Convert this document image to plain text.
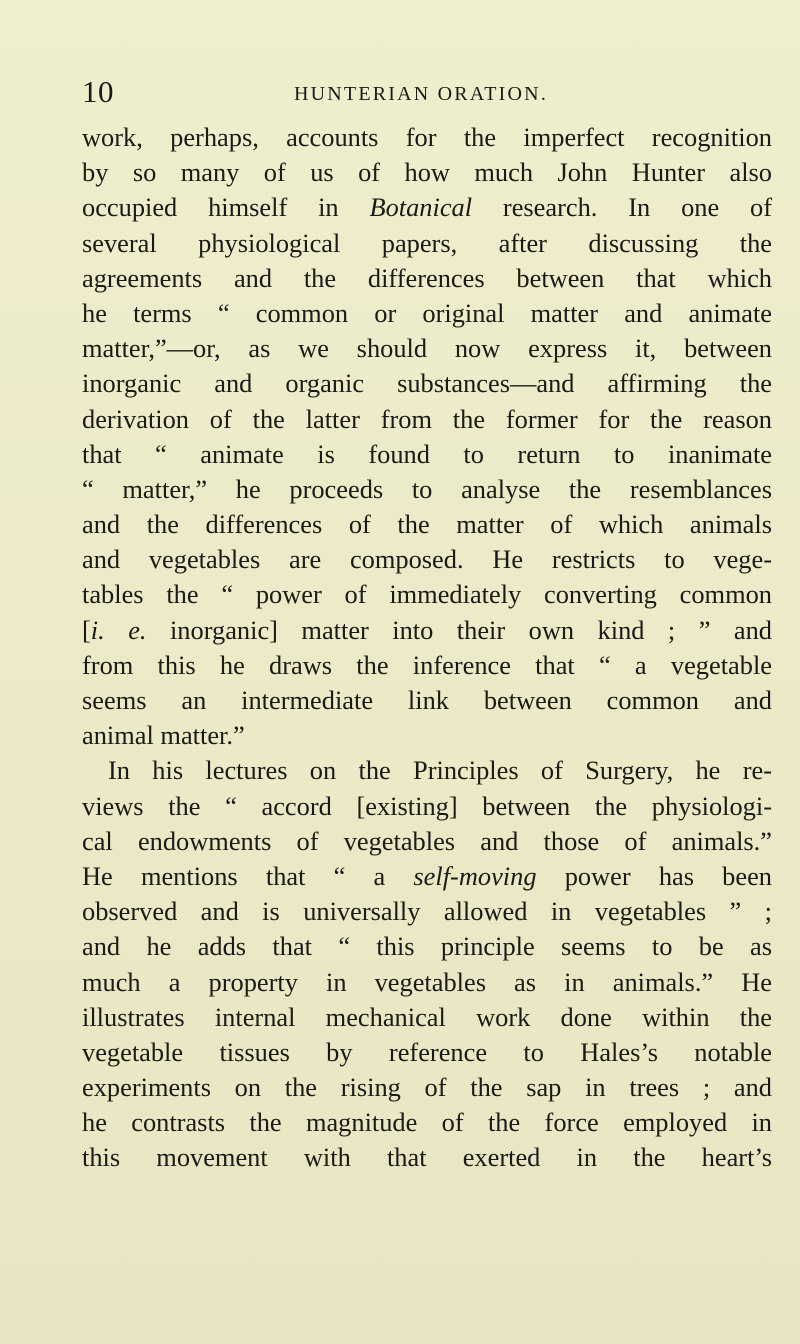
10	HUNTERIAN ORATION.
work, perhaps, accounts for the imperfect recognition
by so many of us of how much John Hunter also
occupied himself in Botanical research. In one of
several physiological papers, after discussing the
agreements and the differences between that which
he terms “ common or original matter and animate
matter,”—or, as we should now express it, between
inorganic and organic substances—and affirming the
derivation of the latter from the former for the reason
that “ animate is found to return to inanimate
“ matter,” he proceeds to analyse the resemblances
and the differences of the matter of which animals
and vegetables are composed. He restricts to vege-
tables the “ power of immediately converting common
[i. e. inorganic] matter into their own kind ; ” and
from this he draws the inference that “ a vegetable
seems an intermediate link between common and
animal matter.”
In his lectures on the Principles of Surgery, he re-
views the “ accord [existing] between the physiologi-
cal endowments of vegetables and those of animals.”
He mentions that “ a self-moving power has been
observed and is universally allowed in vegetables ” ;
and he adds that “ this principle seems to be as
much a property in vegetables as in animals.” He
illustrates internal mechanical work done within the
vegetable tissues by reference to Hales’s notable
experiments on the rising of the sap in trees ; and
he contrasts the magnitude of the force employed in
this movement with that exerted in the heart’s
